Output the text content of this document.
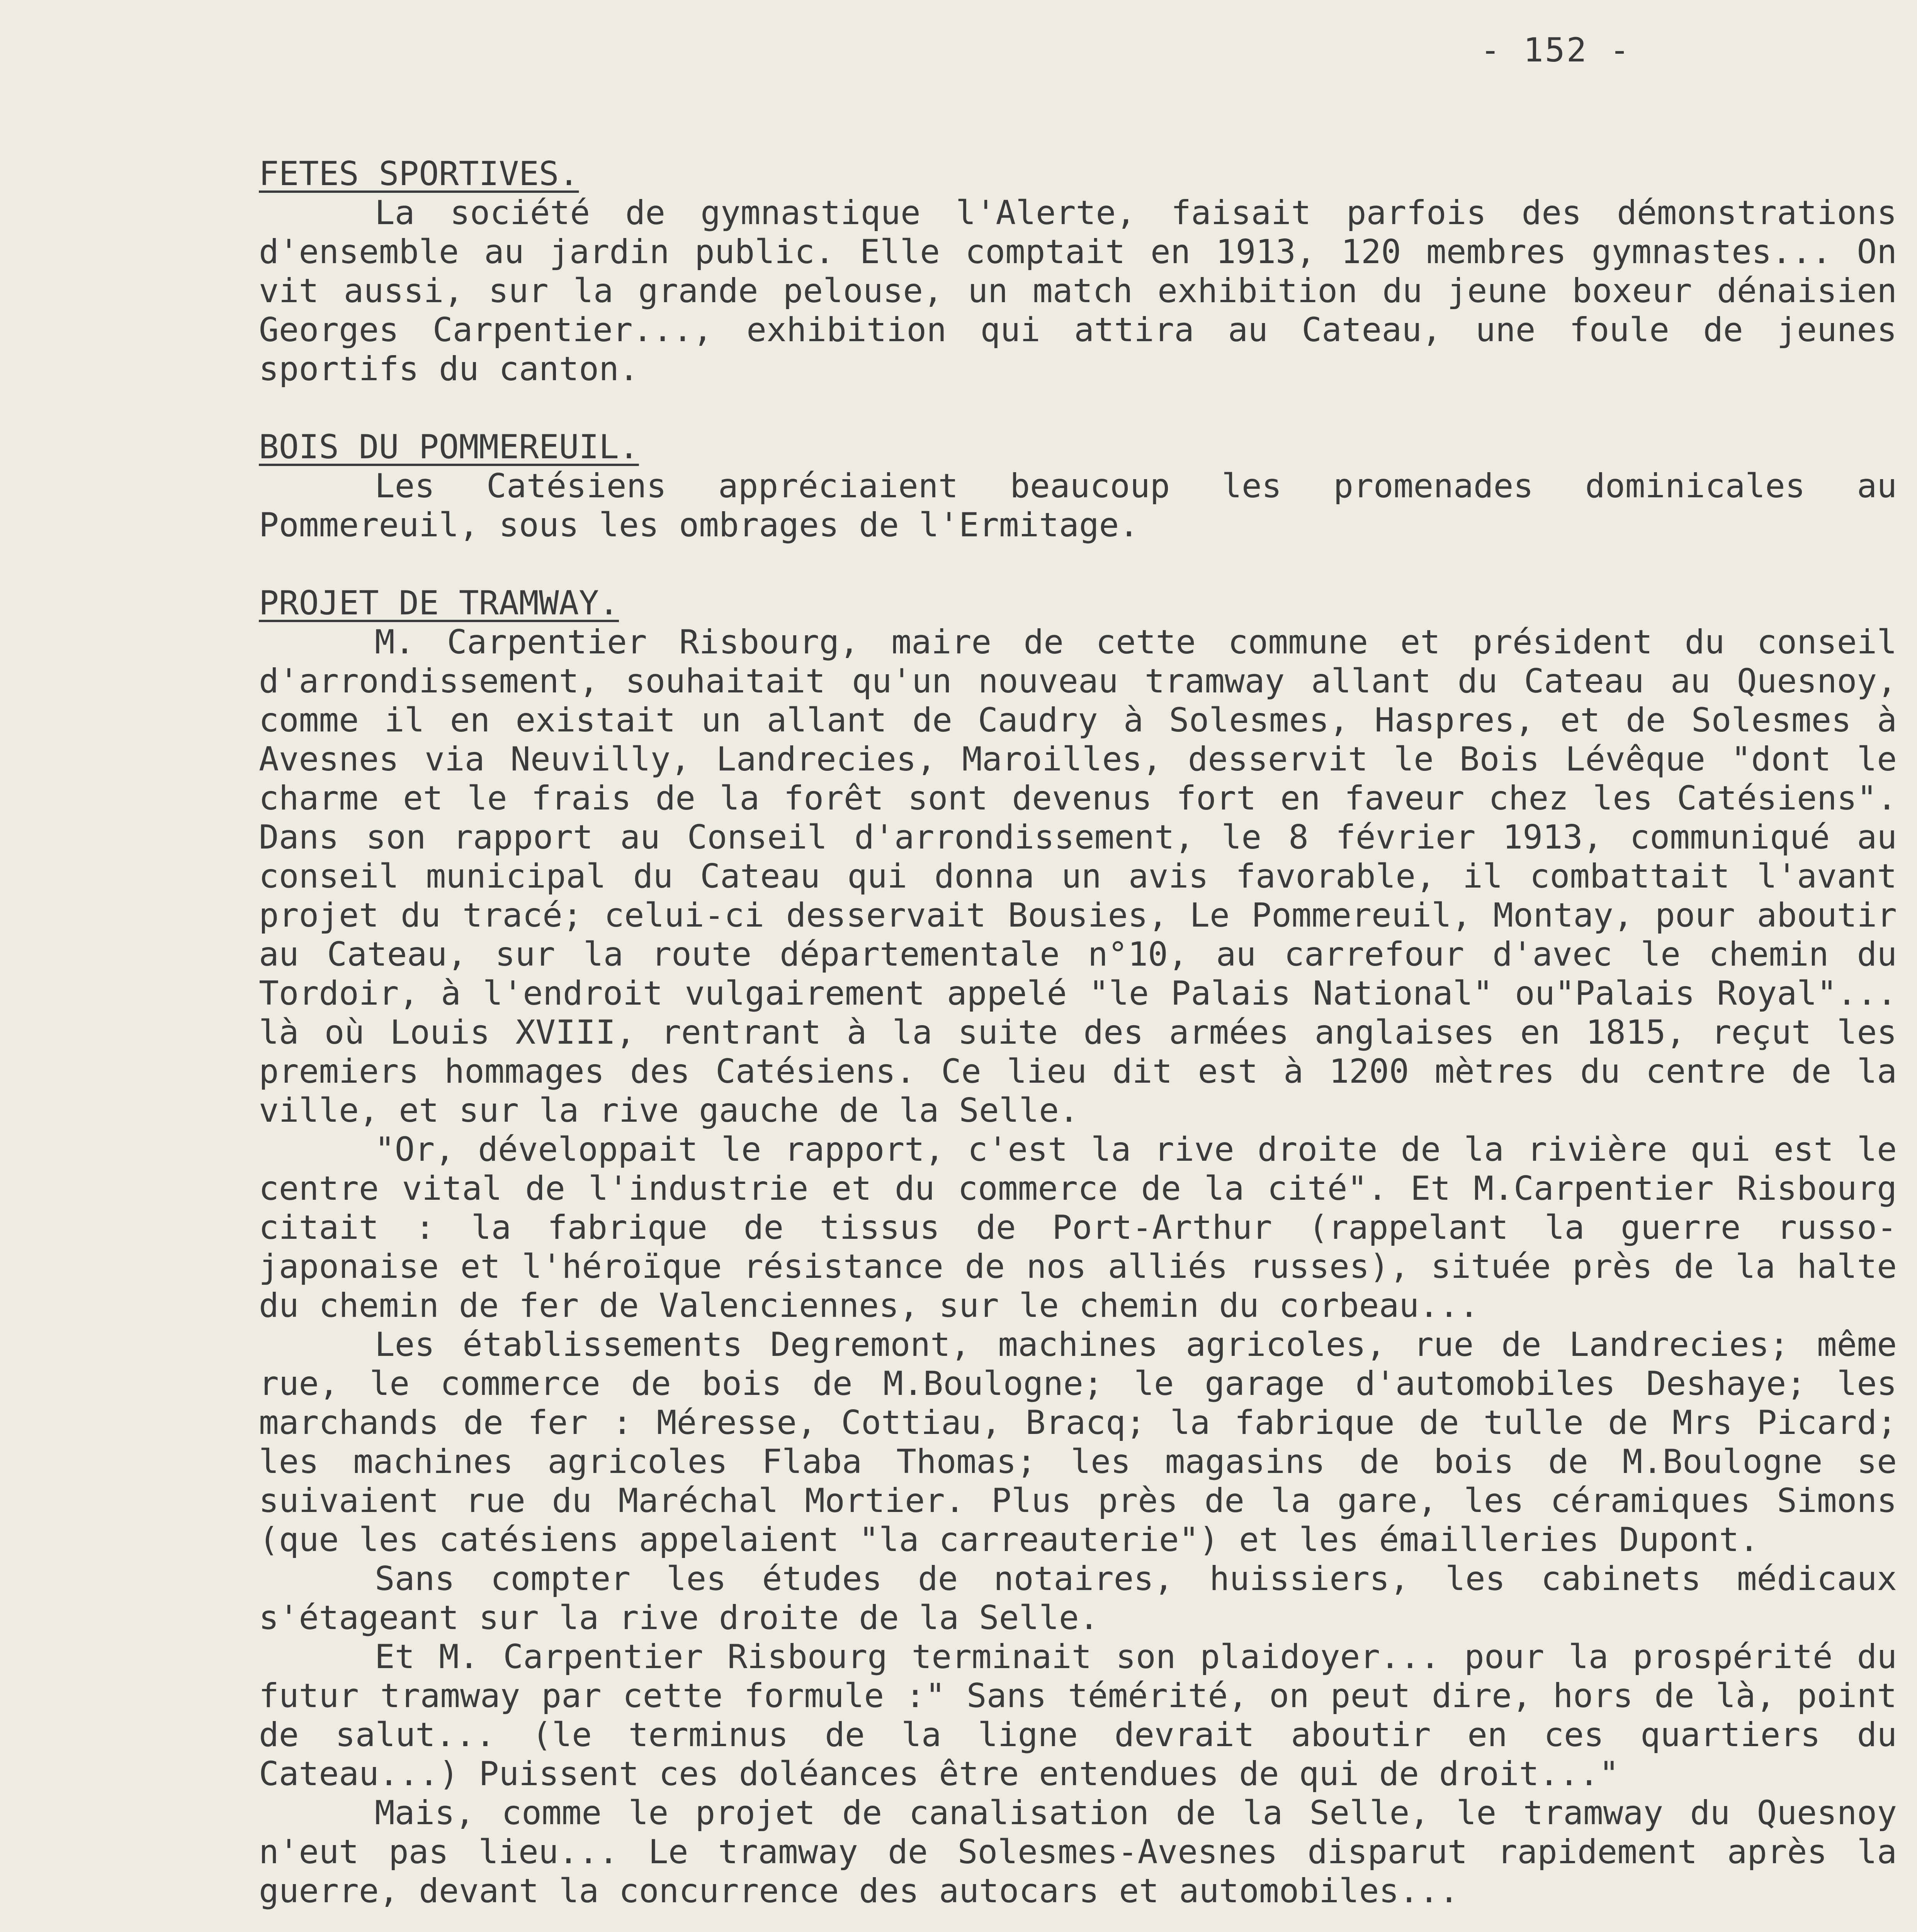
- 152 -
FETES SPORTIVES.

La société de gymnastique l'Alerte, faisait parfois des démonstrations d'ensemble au jardin public. Elle comptait en 1913, 120 membres gymnastes... On vit aussi, sur la grande pelouse, un match exhibition du jeune boxeur dénaisien Georges Carpentier..., exhibition qui attira au Cateau, une foule de jeunes sportifs du canton.

BOIS DU POMMEREUIL.

Les Catésiens appréciaient beaucoup les promenades dominicales au Pommereuil, sous les ombrages de l'Ermitage.

PROJET DE TRAMWAY.

M. Carpentier Risbourg, maire de cette commune et président du conseil d'arrondissement, souhaitait qu'un nouveau tramway allant du Cateau au Quesnoy, comme il en existait un allant de Caudry à Solesmes, Haspres, et de Solesmes à Avesnes via Neuvilly, Landrecies, Maroilles, desservit le Bois Lévêque "dont le charme et le frais de la forêt sont devenus fort en faveur chez les Catésiens". Dans son rapport au Conseil d'arrondissement, le 8 février 1913, communiqué au conseil municipal du Cateau qui donna un avis favorable, il combattait l'avant projet du tracé; celui-ci desservait Bousies, Le Pommereuil, Montay, pour aboutir au Cateau, sur la route départementale n°10, au carrefour d'avec le chemin du Tordoir, à l'endroit vulgairement appelé "le Palais National" ou"Palais Royal"... là où Louis XVIII, rentrant à la suite des armées anglaises en 1815, reçut les premiers hommages des Catésiens. Ce lieu dit est à 1200 mètres du centre de la ville, et sur la rive gauche de la Selle.

"Or, développait le rapport, c'est la rive droite de la rivière qui est le centre vital de l'industrie et du commerce de la cité". Et M.Carpentier Risbourg citait : la fabrique de tissus de Port-Arthur (rappelant la guerre russo-japonaise et l'héroïque résistance de nos alliés russes), située près de la halte du chemin de fer de Valenciennes, sur le chemin du corbeau...

Les établissements Degremont, machines agricoles, rue de Landrecies; même rue, le commerce de bois de M.Boulogne; le garage d'automobiles Deshaye; les marchands de fer : Méresse, Cottiau, Bracq; la fabrique de tulle de Mrs Picard; les machines agricoles Flaba Thomas; les magasins de bois de M.Boulogne se suivaient rue du Maréchal Mortier. Plus près de la gare, les céramiques Simons (que les catésiens appelaient "la carreauterie") et les émailleries Dupont.

Sans compter les études de notaires, huissiers, les cabinets médicaux s'étageant sur la rive droite de la Selle.

Et M. Carpentier Risbourg terminait son plaidoyer... pour la prospérité du futur tramway par cette formule :" Sans témérité, on peut dire, hors de là, point de salut... (le terminus de la ligne devrait aboutir en ces quartiers du Cateau...) Puissent ces doléances être entendues de qui de droit..."

Mais, comme le projet de canalisation de la Selle, le tramway du Quesnoy n'eut pas lieu... Le tramway de Solesmes-Avesnes disparut rapidement après la guerre, devant la concurrence des autocars et automobiles...
